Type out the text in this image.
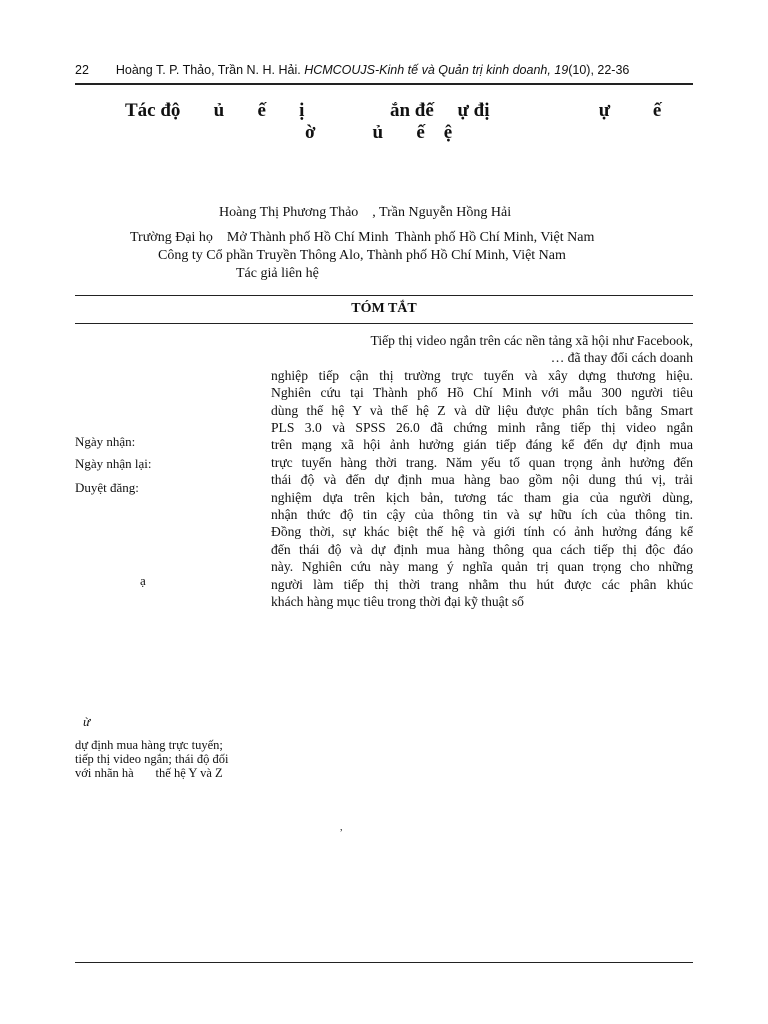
22 Hoàng T. P. Thảo, Trần N. H. Hải. HCMCOUJS-Kinh tế và Quản trị kinh doanh, 19(10), 22-36
Tác độ       ủ       ế       ị                  ắn đế     ự đị                       ự         ế
ờ            ủ       ế    ệ
Hoàng Thị Phương Thảo    , Trần Nguyễn Hồng Hải
Trường Đại họ    Mở Thành phố Hồ Chí Minh  Thành phố Hồ Chí Minh, Việt Nam
Công ty Cổ phần Truyền Thông Alo, Thành phố Hồ Chí Minh, Việt Nam
Tác giả liên hệ
TÓM TẮT
Ngày nhận:
Ngày nhận lại:
Duyệt đăng:
ạ
ừ
dự định mua hàng trực tuyến;
tiếp thị video ngắn; thái độ đối
với nhãn hà       thế hệ Y và Z
,
Tiếp thị video ngắn trên các nền tảng xã hội như Facebook,
… đã thay đổi cách doanh
nghiệp tiếp cận thị trường trực tuyến và xây dựng thương hiệu.
Nghiên cứu tại Thành phố Hồ Chí Minh với mẫu 300 người tiêu
dùng thế hệ Y và thế hệ Z và dữ liệu được phân tích bằng Smart
PLS 3.0 và SPSS 26.0 đã chứng minh rằng tiếp thị video ngắn
trên mạng xã hội ảnh hưởng gián tiếp đáng kể đến dự định mua
trực tuyến hàng thời trang. Năm yếu tố quan trọng ảnh hưởng đến
thái độ và đến dự định mua hàng bao gồm nội dung thú vị, trải
nghiệm dựa trên kịch bản, tương tác tham gia của người dùng,
nhận thức độ tin cậy của thông tin và sự hữu ích của thông tin.
Đồng thời, sự khác biệt thế hệ và giới tính có ảnh hưởng đáng kể
đến thái độ và dự định mua hàng thông qua cách tiếp thị độc đáo
này. Nghiên cứu này mang ý nghĩa quản trị quan trọng cho những
người làm tiếp thị thời trang nhằm thu hút được các phân khúc
khách hàng mục tiêu trong thời đại kỹ thuật số
